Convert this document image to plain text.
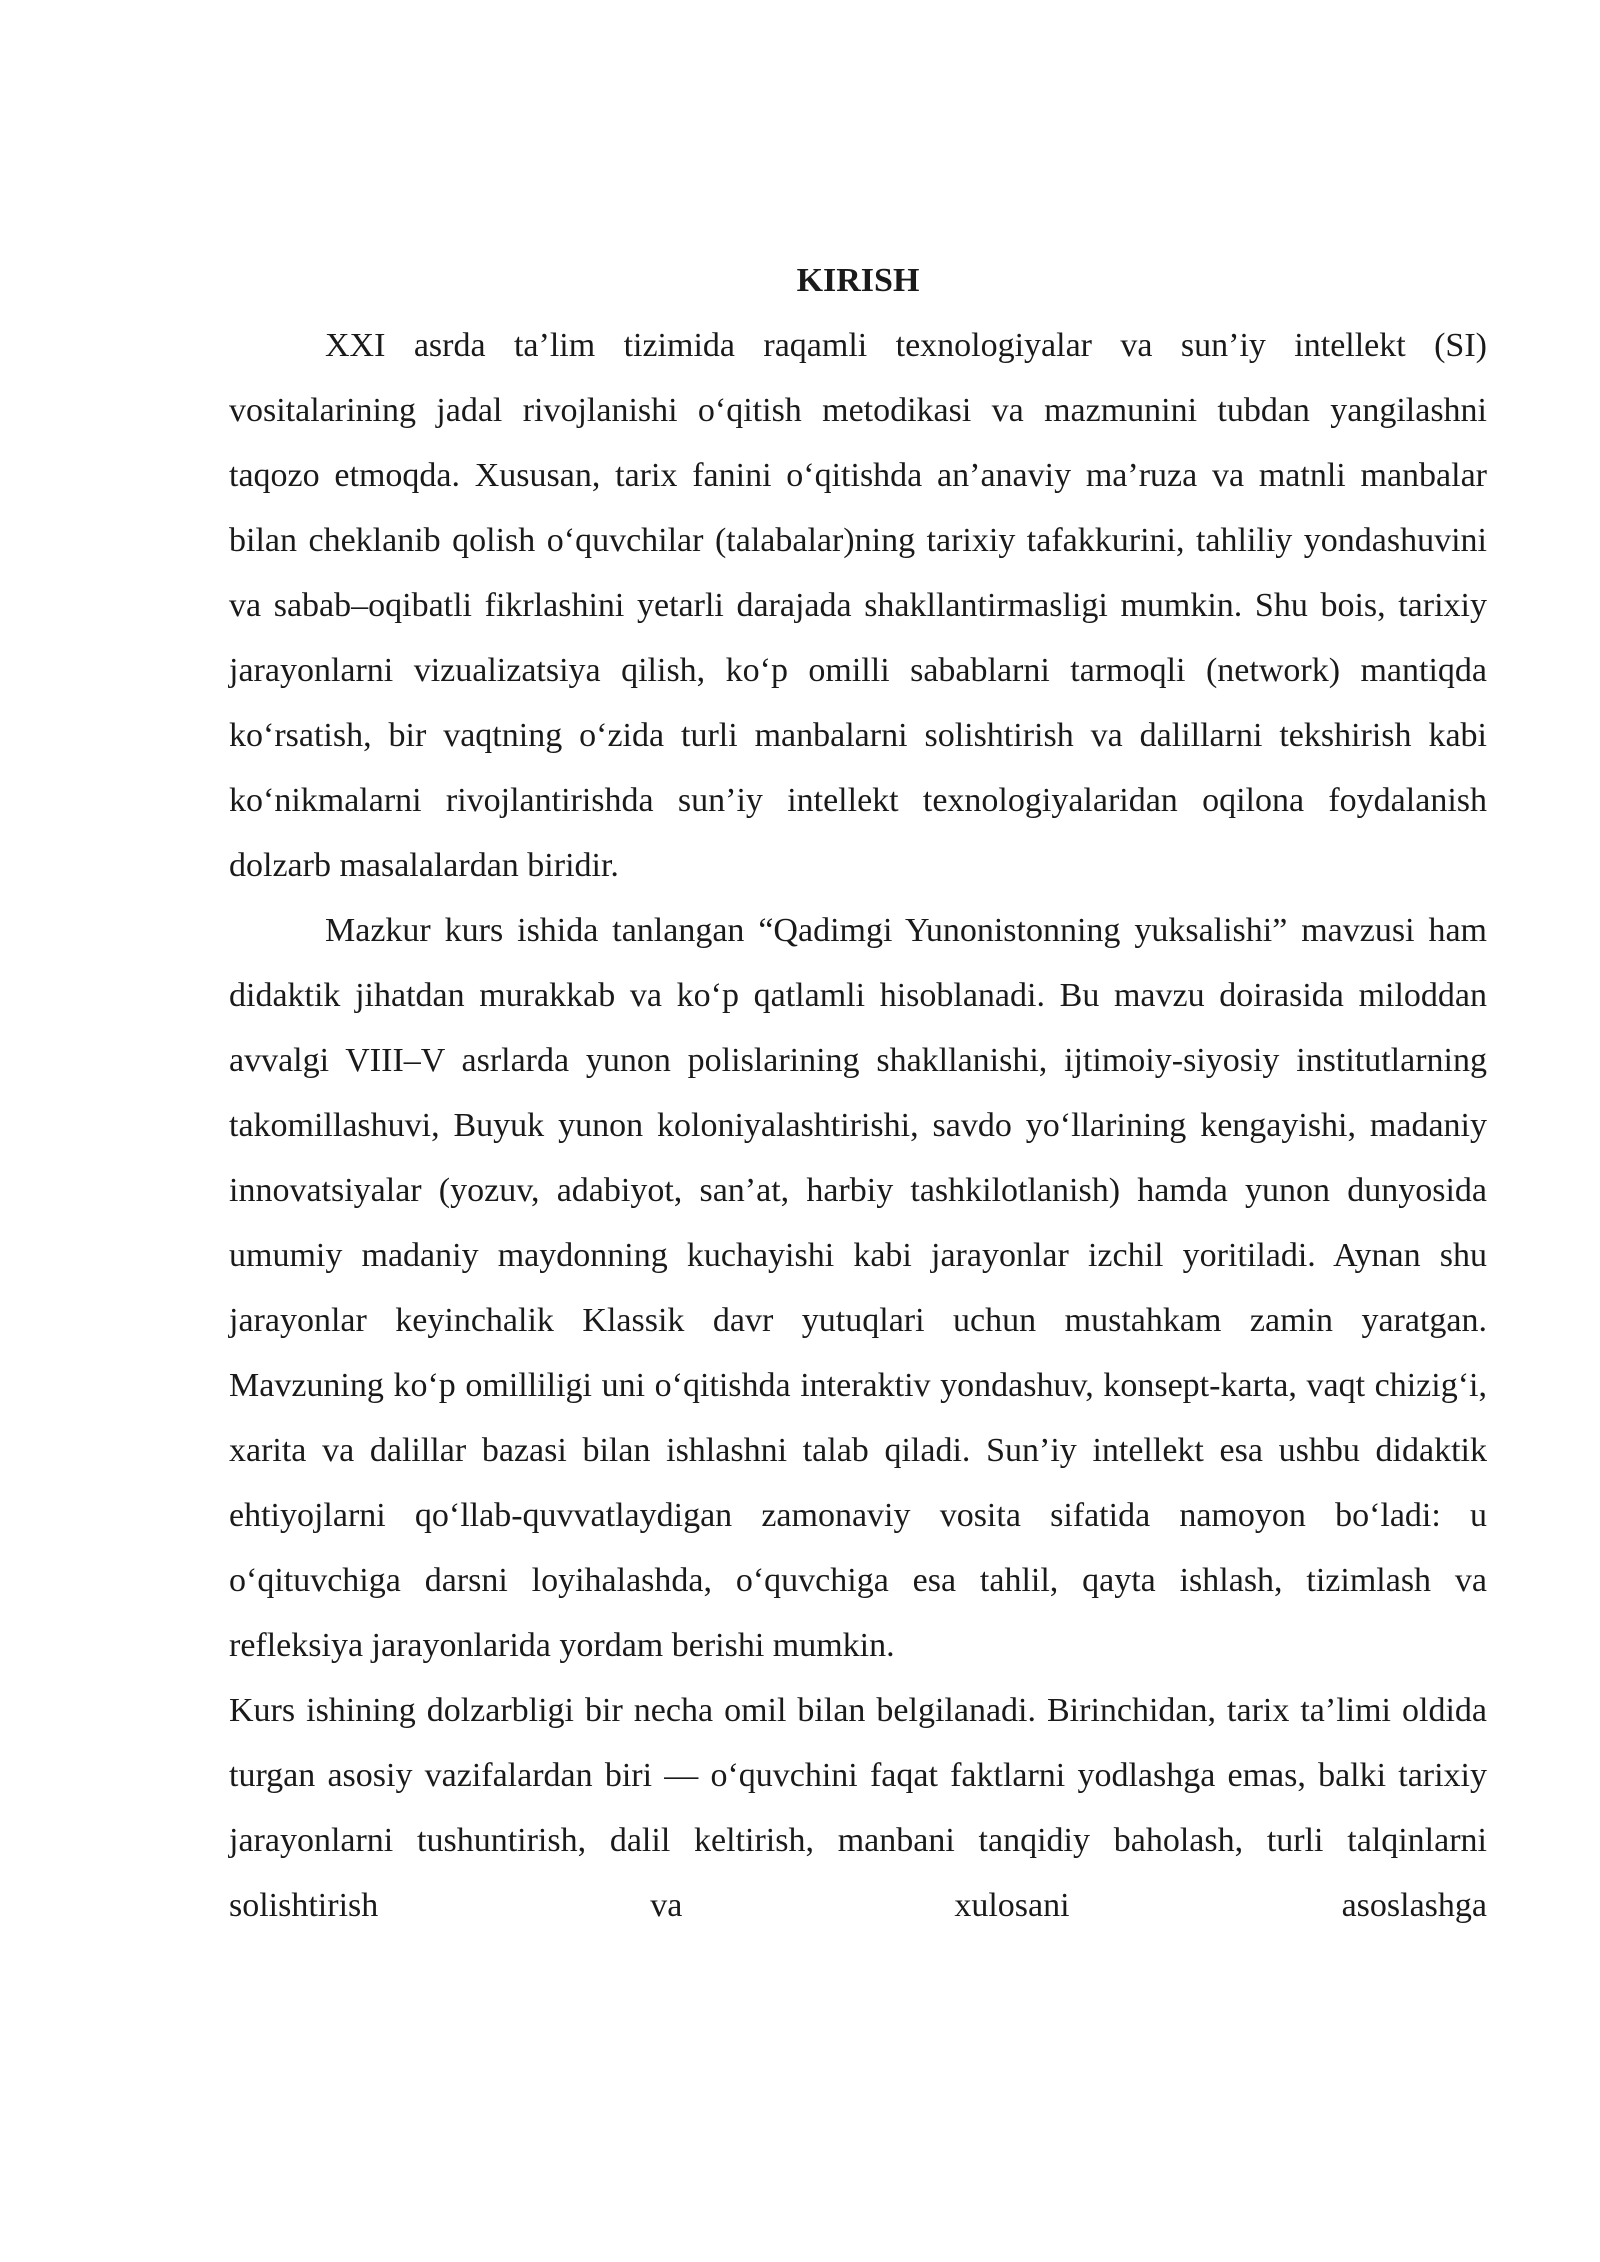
KIRISH

XXI asrda ta’lim tizimida raqamli texnologiyalar va sun’iy intellekt (SI) vositalarining jadal rivojlanishi o‘qitish metodikasi va mazmunini tubdan yangilashni taqozo etmoqda. Xususan, tarix fanini o‘qitishda an’anaviy ma’ruza va matnli manbalar bilan cheklanib qolish o‘quvchilar (talabalar)ning tarixiy tafakkurini, tahliliy yondashuvini va sabab–oqibatli fikrlashini yetarli darajada shakllantirmasligi mumkin. Shu bois, tarixiy jarayonlarni vizualizatsiya qilish, ko‘p omilli sabablarni tarmoqli (network) mantiqda ko‘rsatish, bir vaqtning o‘zida turli manbalarni solishtirish va dalillarni tekshirish kabi ko‘nikmalarni rivojlantirishda sun’iy intellekt texnologiyalaridan oqilona foydalanish dolzarb masalalardan biridir.

Mazkur kurs ishida tanlangan “Qadimgi Yunonistonning yuksalishi” mavzusi ham didaktik jihatdan murakkab va ko‘p qatlamli hisoblanadi. Bu mavzu doirasida miloddan avvalgi VIII–V asrlarda yunon polislarining shakllanishi, ijtimoiy-siyosiy institutlarning takomillashuvi, Buyuk yunon koloniyalashtirishi, savdo yo‘llarining kengayishi, madaniy innovatsiyalar (yozuv, adabiyot, san’at, harbiy tashkilotlanish) hamda yunon dunyosida umumiy madaniy maydonning kuchayishi kabi jarayonlar izchil yoritiladi. Aynan shu jarayonlar keyinchalik Klassik davr yutuqlari uchun mustahkam zamin yaratgan. Mavzuning ko‘p omilliligi uni o‘qitishda interaktiv yondashuv, konsept-karta, vaqt chizig‘i, xarita va dalillar bazasi bilan ishlashni talab qiladi. Sun’iy intellekt esa ushbu didaktik ehtiyojlarni qo‘llab-quvvatlaydigan zamonaviy vosita sifatida namoyon bo‘ladi: u o‘qituvchiga darsni loyihalashda, o‘quvchiga esa tahlil, qayta ishlash, tizimlash va refleksiya jarayonlarida yordam berishi mumkin.

Kurs ishining dolzarbligi bir necha omil bilan belgilanadi. Birinchidan, tarix ta’limi oldida turgan asosiy vazifalardan biri — o‘quvchini faqat faktlarni yodlashga emas, balki tarixiy jarayonlarni tushuntirish, dalil keltirish, manbani tanqidiy baholash, turli talqinlarni solishtirish va xulosani asoslashga
